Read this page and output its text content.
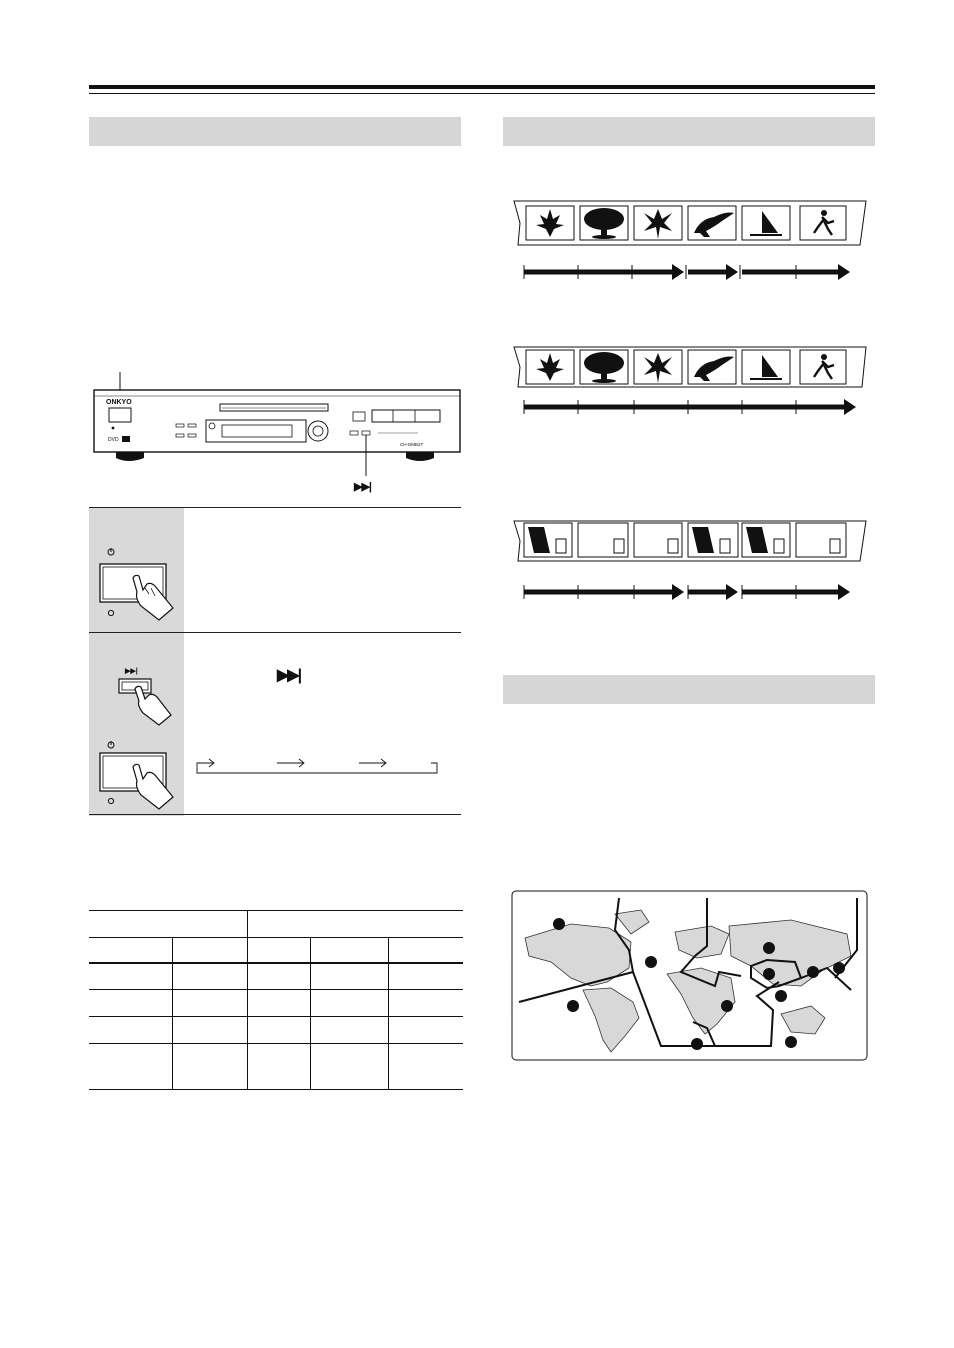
ONKYO
DVD
CH-DMB2T
▶▶|
▶▶|	▶▶|
